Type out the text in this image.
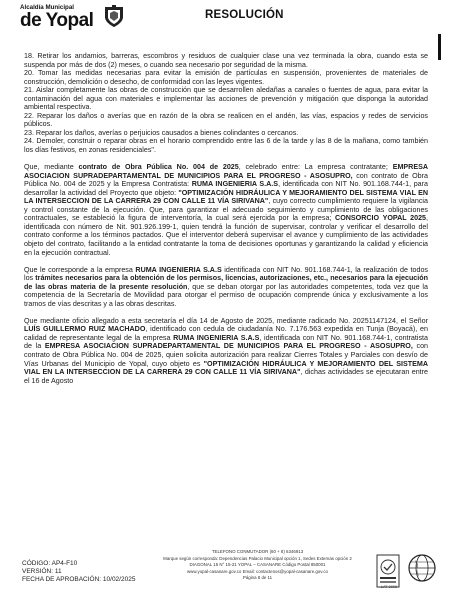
Alcaldía Municipal
de Yopal	RESOLUCIÓN

18. Retirar los andamios, barreras, escombros y residuos de cualquier clase una vez terminada la obra, cuando esta se suspenda por más de dos (2) meses, o cuando sea necesario por seguridad de la misma.

20. Tomar las medidas necesarias para evitar la emisión de partículas en suspensión, provenientes de materiales de construcción, demolición o desecho, de conformidad con las leyes vigentes.

21. Aislar completamente las obras de construcción que se desarrollen aledañas a canales o fuentes de agua, para evitar la contaminación del agua con materiales e implementar las acciones de prevención y mitigación que disponga la autoridad ambiental respectiva.

22. Reparar los daños o averías que en razón de la obra se realicen en el andén, las vías, espacios y redes de servicios públicos.

23. Reparar los daños, averías o perjuicios causados a bienes colindantes o cercanos.

24. Demoler, construir o reparar obras en el horario comprendido entre las 6 de la tarde y las 8 de la mañana, como también los días festivos, en zonas residenciales".

Que, mediante contrato de Obra Pública No. 004 de 2025, celebrado entre: La empresa contratante; EMPRESA ASOCIACION SUPRADEPARTAMENTAL DE MUNICIPIOS PARA EL PROGRESO - ASOSUPRO, con contrato de Obra Pública No. 004 de 2025 y la Empresa Contratista: RUMA INGENIERIA S.A.S, identificada con NIT No. 901.168.744-1, para desarrollar la actividad del Proyecto que objeto: "OPTIMIZACIÓN HIDRÁULICA Y MEJORAMIENTO DEL SISTEMA VIAL EN LA INTERSECCION DE LA CARRERA 29 CON CALLE 11 VÍA SIRIVANA", cuyo correcto cumplimiento requiere la vigilancia y control constante de la ejecución. Que, para garantizar el adecuado seguimiento y cumplimiento de las obligaciones contractuales, se estableció la figura de interventoría, la cual será ejercida por la empresa; CONSORCIO YOPAL 2025, identificada con número de Nit. 901.926.199-1, quien tendrá la función de supervisar, controlar y verificar el desarrollo del contrato conforme a los términos pactados. Que el interventor deberá supervisar el avance y cumplimiento de las actividades objeto del contrato, facilitando a la entidad contratante la toma de decisiones oportunas y garantizando la calidad y eficiencia en la ejecución contractual.

Que le corresponde a la empresa RUMA INGENIERIA S.A.S identificada con NIT No. 901.168.744-1, la realización de todos los trámites necesarios para la obtención de los permisos, licencias, autorizaciones, etc., necesarios para la ejecución de las obras materia de la presente resolución, que se deban otorgar por las autoridades competentes, toda vez que la competencia de la Secretaría de Movilidad para otorgar el permiso de ocupación comprende única y exclusivamente a los tramos de vías descritas y a las obras descritas.

Que mediante oficio allegado a esta secretaría el día 14 de Agosto de 2025, mediante radicado No. 20251147124, el Señor LUÍS GUILLERMO RUIZ MACHADO, identificado con cedula de ciudadanía No. 7.176.563 expedida en Tunja (Boyacá), en calidad de representante legal de la empresa RUMA INGENIERIA S.A.S, identificada con NIT No. 901.168.744-1, contratista de la EMPRESA ASOCIACION SUPRADEPARTAMENTAL DE MUNICIPIOS PARA EL PROGRESO - ASOSUPRO, con contrato de Obra Pública No. 004 de 2025, quien solicita autorización para realizar Cierres Totales y Parciales con desvío de Vías Urbanas del Municipio de Yopal, cuyo objeto es "OPTIMIZACIÓN HIDRÁULICA Y MEJORAMIENTO DEL SISTEMA VIAL EN LA INTERSECCION DE LA CARRERA 29 CON CALLE 11 VÍA SIRIVANA", dichas actividades se ejecutaran entre el 16 de Agosto

CÓDIGO: AP4-F10
VERSIÓN: 11
FECHA DE APROBACIÓN: 10/02/2025
TELEFONO CONMUTADOR (60 + 8) 6346913
Marque según corresponda: Dependencias Palacio Municipal opción 1, Sedes Externas opción 2
DIAGONAL 15 N° 15-21 YOPAL – CASANARE Código Postal 850001
www.yopal-casanare.gov.co Email: contactenos@yopal-casanare.gov.co
Página 8 de 11
LAT-0909
